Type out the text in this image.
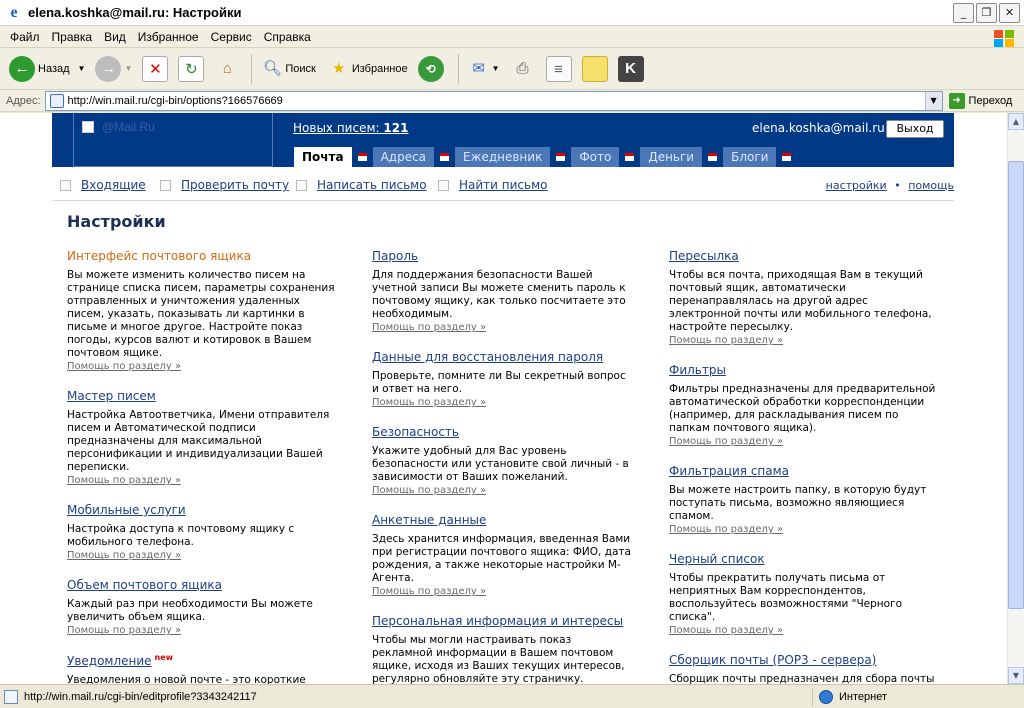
e elena.koshka@mail.ru: Настройки	_	❐	✕
Файл	Правка	Вид	Избранное	Сервис	Справка
← Назад ▼	→	▼	✕	↻	⌂	🔍︎ Поиск	★ Избранное	⟲	✉ ▼	⎙	≡	K
Адрес:	http://win.mail.ru/cgi-bin/options?166576669	▼	➜ Переход
@Mail.Ru	Новых писем: 121	elena.koshka@mail.ru	Выход
Почта	Адреса	Ежедневник	Фото	Деньги	Блоги
Входящие	Проверить почту Написать письмо	Найти письмо	настройки • помощь
Настройки
Интерфейс почтового ящика
Вы можете изменить количество писем на странице списка писем, параметры сохранения отправленных и уничтожения удаленных писем, указать, показывать ли картинки в письме и многое другое. Настройте показ погоды, курсов валют и котировок в Вашем почтовом ящике.
Помощь по разделу »
Мастер писем
Настройка Автоответчика, Имени отправителя писем и Автоматической подписи предназначены для максимальной персонификации и индивидуализации Вашей переписки.
Помощь по разделу »
Мобильные услуги
Настройка доступа к почтовому ящику с мобильного телефона.
Помощь по разделу »
Объем почтового ящика
Каждый раз при необходимости Вы можете увеличить объем ящика.
Помощь по разделу »
Уведомление $^{new}$
Уведомления о новой почте - это короткие
Пароль
Для поддержания безопасности Вашей учетной записи Вы можете сменить пароль к почтовому ящику, как только посчитаете это необходимым.
Помощь по разделу »
Данные для восстановления пароля
Проверьте, помните ли Вы секретный вопрос и ответ на него.
Помощь по разделу »
Безопасность
Укажите удобный для Вас уровень безопасности или установите свой личный - в зависимости от Ваших пожеланий.
Помощь по разделу »
Анкетные данные
Здесь хранится информация, введенная Вами при регистрации почтового ящика: ФИО, дата рождения, а также некоторые настройки М-Агента.
Помощь по разделу »
Персональная информация и интересы
Чтобы мы могли настраивать показ рекламной информации в Вашем почтовом ящике, исходя из Ваших текущих интересов, регулярно обновляйте эту страничку.
Пересылка
Чтобы вся почта, приходящая Вам в текущий почтовый ящик, автоматически перенаправлялась на другой адрес электронной почты или мобильного телефона, настройте пересылку.
Помощь по разделу »
Фильтры
Фильтры предназначены для предварительной автоматической обработки корреспонденции (например, для раскладывания писем по папкам почтового ящика).
Помощь по разделу »
Фильтрация спама
Вы можете настроить папку, в которую будут поступать письма, возможно являющиеся спамом.
Помощь по разделу »
Черный список
Чтобы прекратить получать письма от неприятных Вам корреспондентов, воспользуйтесь возможностями "Черного списка".
Помощь по разделу »
Сборщик почты (POP3 - сервера)
Сборщик почты предназначен для сбора почты
▲
▼
http://win.mail.ru/cgi-bin/editprofile?3343242117	Интернет
